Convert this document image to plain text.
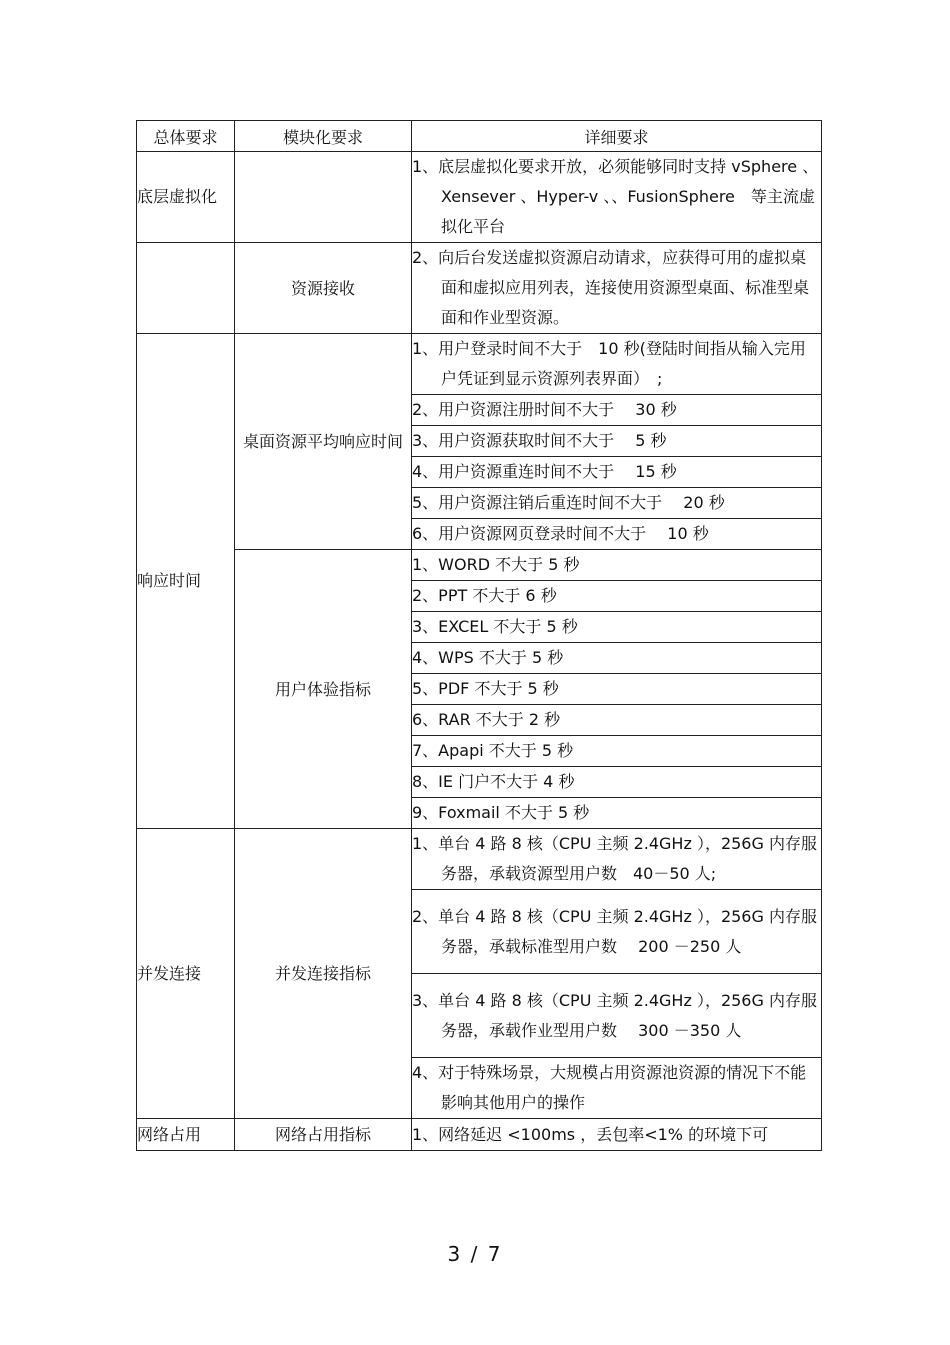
总体要求	模块化要求	详细要求
底层虚拟化		1、底层虚拟化要求开放，必须能够同时支持 vSphere 、Xensever 、Hyper-v 、、FusionSphere　等主流虚拟化平台

	资源接收	2、向后台发送虚拟资源启动请求，应获得可用的虚拟桌面和虚拟应用列表，连接使用资源型桌面、标准型桌面和作业型资源。

响应时间	桌面资源平均响应时间	1、用户登录时间不大于　10 秒(登陆时间指从输入完用户凭证到显示资源列表界面）　;

		2、用户资源注册时间不大于　 30 秒

		3、用户资源获取时间不大于　 5 秒

		4、用户资源重连时间不大于　 15 秒

		5、用户资源注销后重连时间不大于　 20 秒

		6、用户资源网页登录时间不大于　 10 秒

	用户体验指标	1、WORD 不大于 5 秒

		2、PPT 不大于 6 秒

		3、EXCEL 不大于 5 秒

		4、WPS 不大于 5 秒

		5、PDF 不大于 5 秒

		6、RAR 不大于 2 秒

		7、Apapi 不大于 5 秒

		8、IE 门户不大于 4 秒

		9、Foxmail 不大于 5 秒

并发连接	并发连接指标	1、单台 4 路 8 核（CPU 主频 2.4GHz ），256G 内存服务器，承载资源型用户数　40－50 人;

		2、单台 4 路 8 核（CPU 主频 2.4GHz ），256G 内存服务器，承载标准型用户数　 200 －250 人

		3、单台 4 路 8 核（CPU 主频 2.4GHz ），256G 内存服务器，承载作业型用户数　 300 －350 人

		4、对于特殊场景，大规模占用资源池资源的情况下不能影响其他用户的操作

网络占用	网络占用指标	1、网络延迟 <100ms ，丢包率<1% 的环境下可
3 / 7
